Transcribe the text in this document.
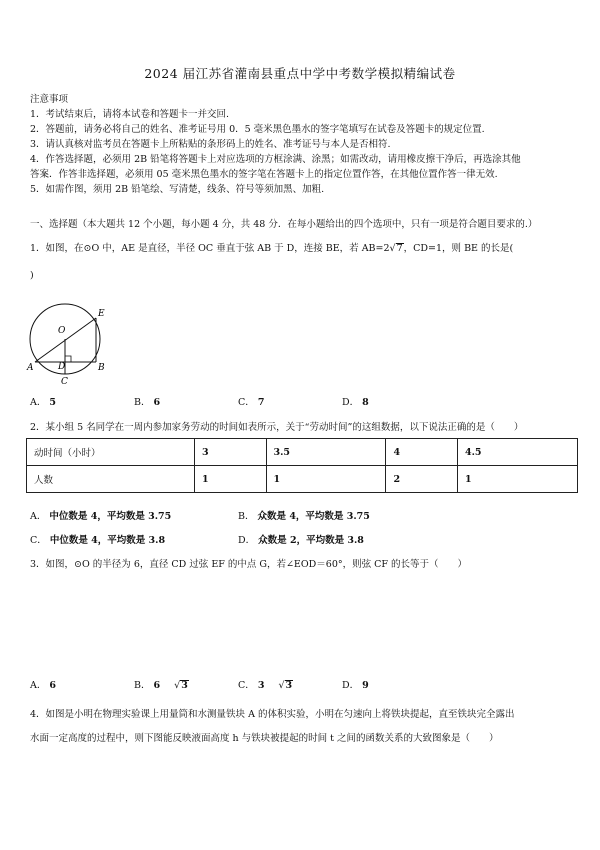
2024 届江苏省灌南县重点中学中考数学模拟精编试卷
注意事项
1．考试结束后，请将本试卷和答题卡一并交回.
2．答题前，请务必将自己的姓名、准考证号用 0．5 毫米黑色墨水的签字笔填写在试卷及答题卡的规定位置.
3．请认真核对监考员在答题卡上所粘贴的条形码上的姓名、准考证号与本人是否相符.
4．作答选择题，必须用 2B 铅笔将答题卡上对应选项的方框涂满、涂黑；如需改动，请用橡皮擦干净后，再选涂其他
答案．作答非选择题，必须用 05 毫米黑色墨水的签字笔在答题卡上的指定位置作答，在其他位置作答一律无效.
5．如需作图，须用 2B 铅笔绘、写清楚，线条、符号等须加黑、加粗.
一、选择题（本大题共 12 个小题，每小题 4 分，共 48 分．在每小题给出的四个选项中，只有一项是符合题目要求的.）
1．如图，在⊙O 中，AE 是直径，半径 OC 垂直于弦 AB 于 D，连接 BE，若 AB=2√7，CD=1，则 BE 的长是(
)
E
O
A	D	B
C
A． 5	B． 6	C． 7	D． 8
2．某小组 5 名同学在一周内参加家务劳动的时间如表所示，关于“劳动时间”的这组数据，以下说法正确的是（　　）
动时间（小时）	3	3.5	4	4.5
人数	1	1	2	1
A． 中位数是 4，平均数是 3.75	B． 众数是 4，平均数是 3.75
C． 中位数是 4，平均数是 3.8	D． 众数是 2，平均数是 3.8
3．如图，⊙O 的半径为 6，直径 CD 过弦 EF 的中点 G，若∠EOD＝60°，则弦 CF 的长等于（　　）
A． 6	B． 6 √3	C． 3 √3	D． 9
4．如图是小明在物理实验课上用量筒和水测量铁块 A 的体积实验，小明在匀速向上将铁块提起，直至铁块完全露出
水面一定高度的过程中，则下图能反映液面高度 h 与铁块被提起的时间 t 之间的函数关系的大致图象是（　　）
